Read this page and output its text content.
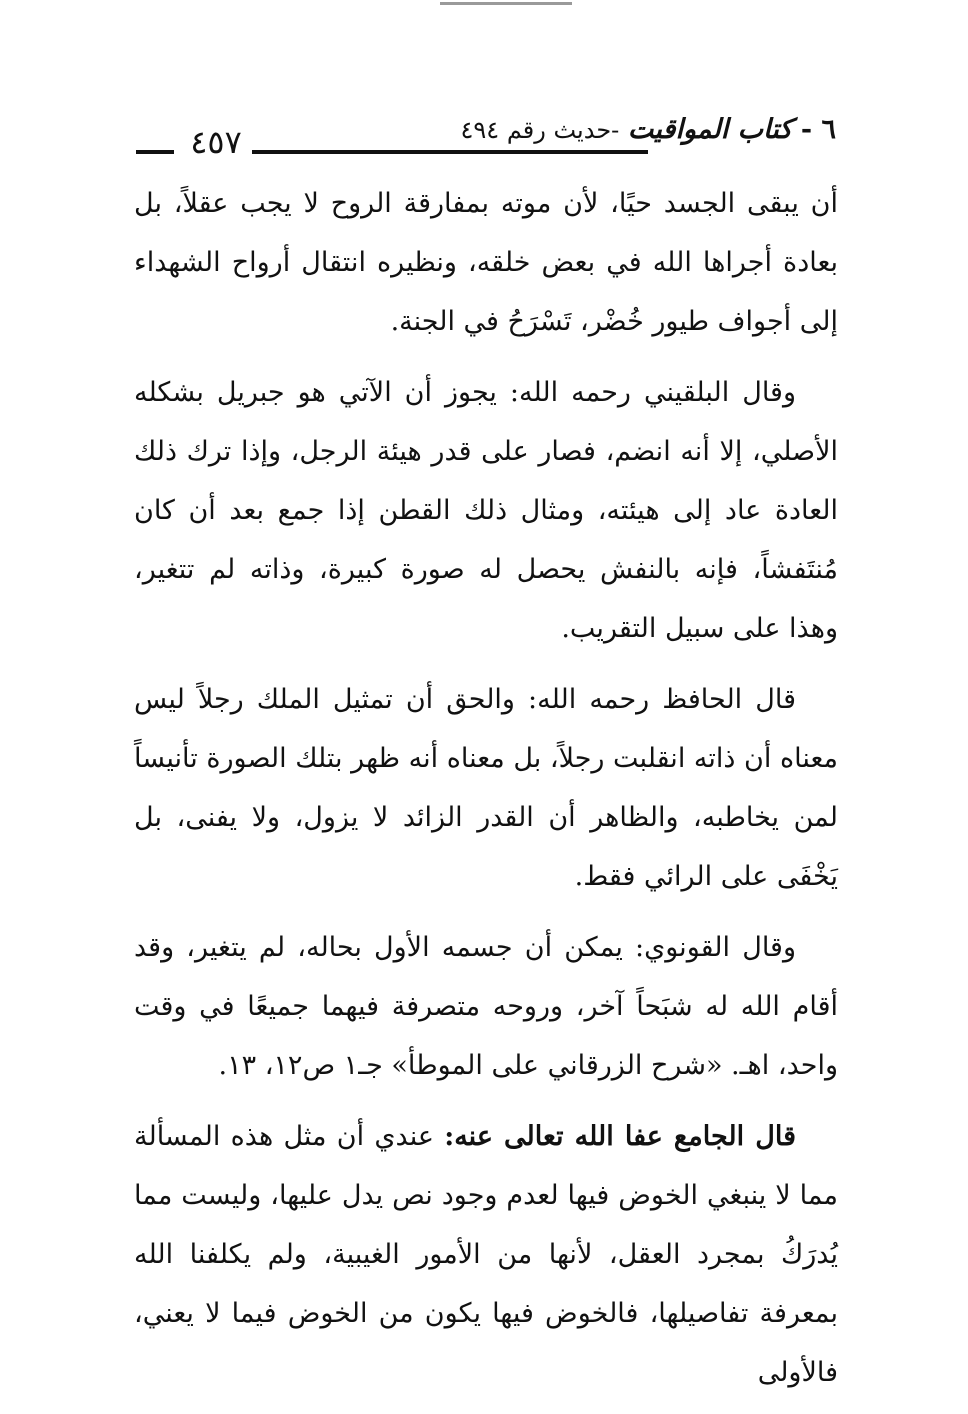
٦ - كتاب المواقيت -حديث رقم ٤٩٤
٤٥٧

أن يبقى الجسد حيًا، لأن موته بمفارقة الروح لا يجب عقلاً، بل بعادة أجراها الله في بعض خلقه، ونظيره انتقال أرواح الشهداء إلى أجواف طيور خُضْر، تَسْرَحُ في الجنة.

وقال البلقيني رحمه الله: يجوز أن الآتي هو جبريل بشكله الأصلي، إلا أنه انضم، فصار على قدر هيئة الرجل، وإذا ترك ذلك العادة عاد إلى هيئته، ومثال ذلك القطن إذا جمع بعد أن كان مُنتَفشاً، فإنه بالنفش يحصل له صورة كبيرة، وذاته لم تتغير، وهذا على سبيل التقريب.

قال الحافظ رحمه الله: والحق أن تمثيل الملك رجلاً ليس معناه أن ذاته انقلبت رجلاً، بل معناه أنه ظهر بتلك الصورة تأنيساً لمن يخاطبه، والظاهر أن القدر الزائد لا يزول، ولا يفنى، بل يَخْفَى على الرائي فقط.

وقال القونوي: يمكن أن جسمه الأول بحاله، لم يتغير، وقد أقام الله له شبَحاً آخر، وروحه متصرفة فيهما جميعًا في وقت واحد، اهـ. «شرح الزرقاني على الموطأ» جـ١ ص١٢، ١٣.

قال الجامع عفا الله تعالى عنه: عندي أن مثل هذه المسألة مما لا ينبغي الخوض فيها لعدم وجود نص يدل عليها، وليست مما يُدرَكُ بمجرد العقل، لأنها من الأمور الغيبية، ولم يكلفنا الله بمعرفة تفاصيلها، فالخوض فيها يكون من الخوض فيما لا يعني، فالأولى
